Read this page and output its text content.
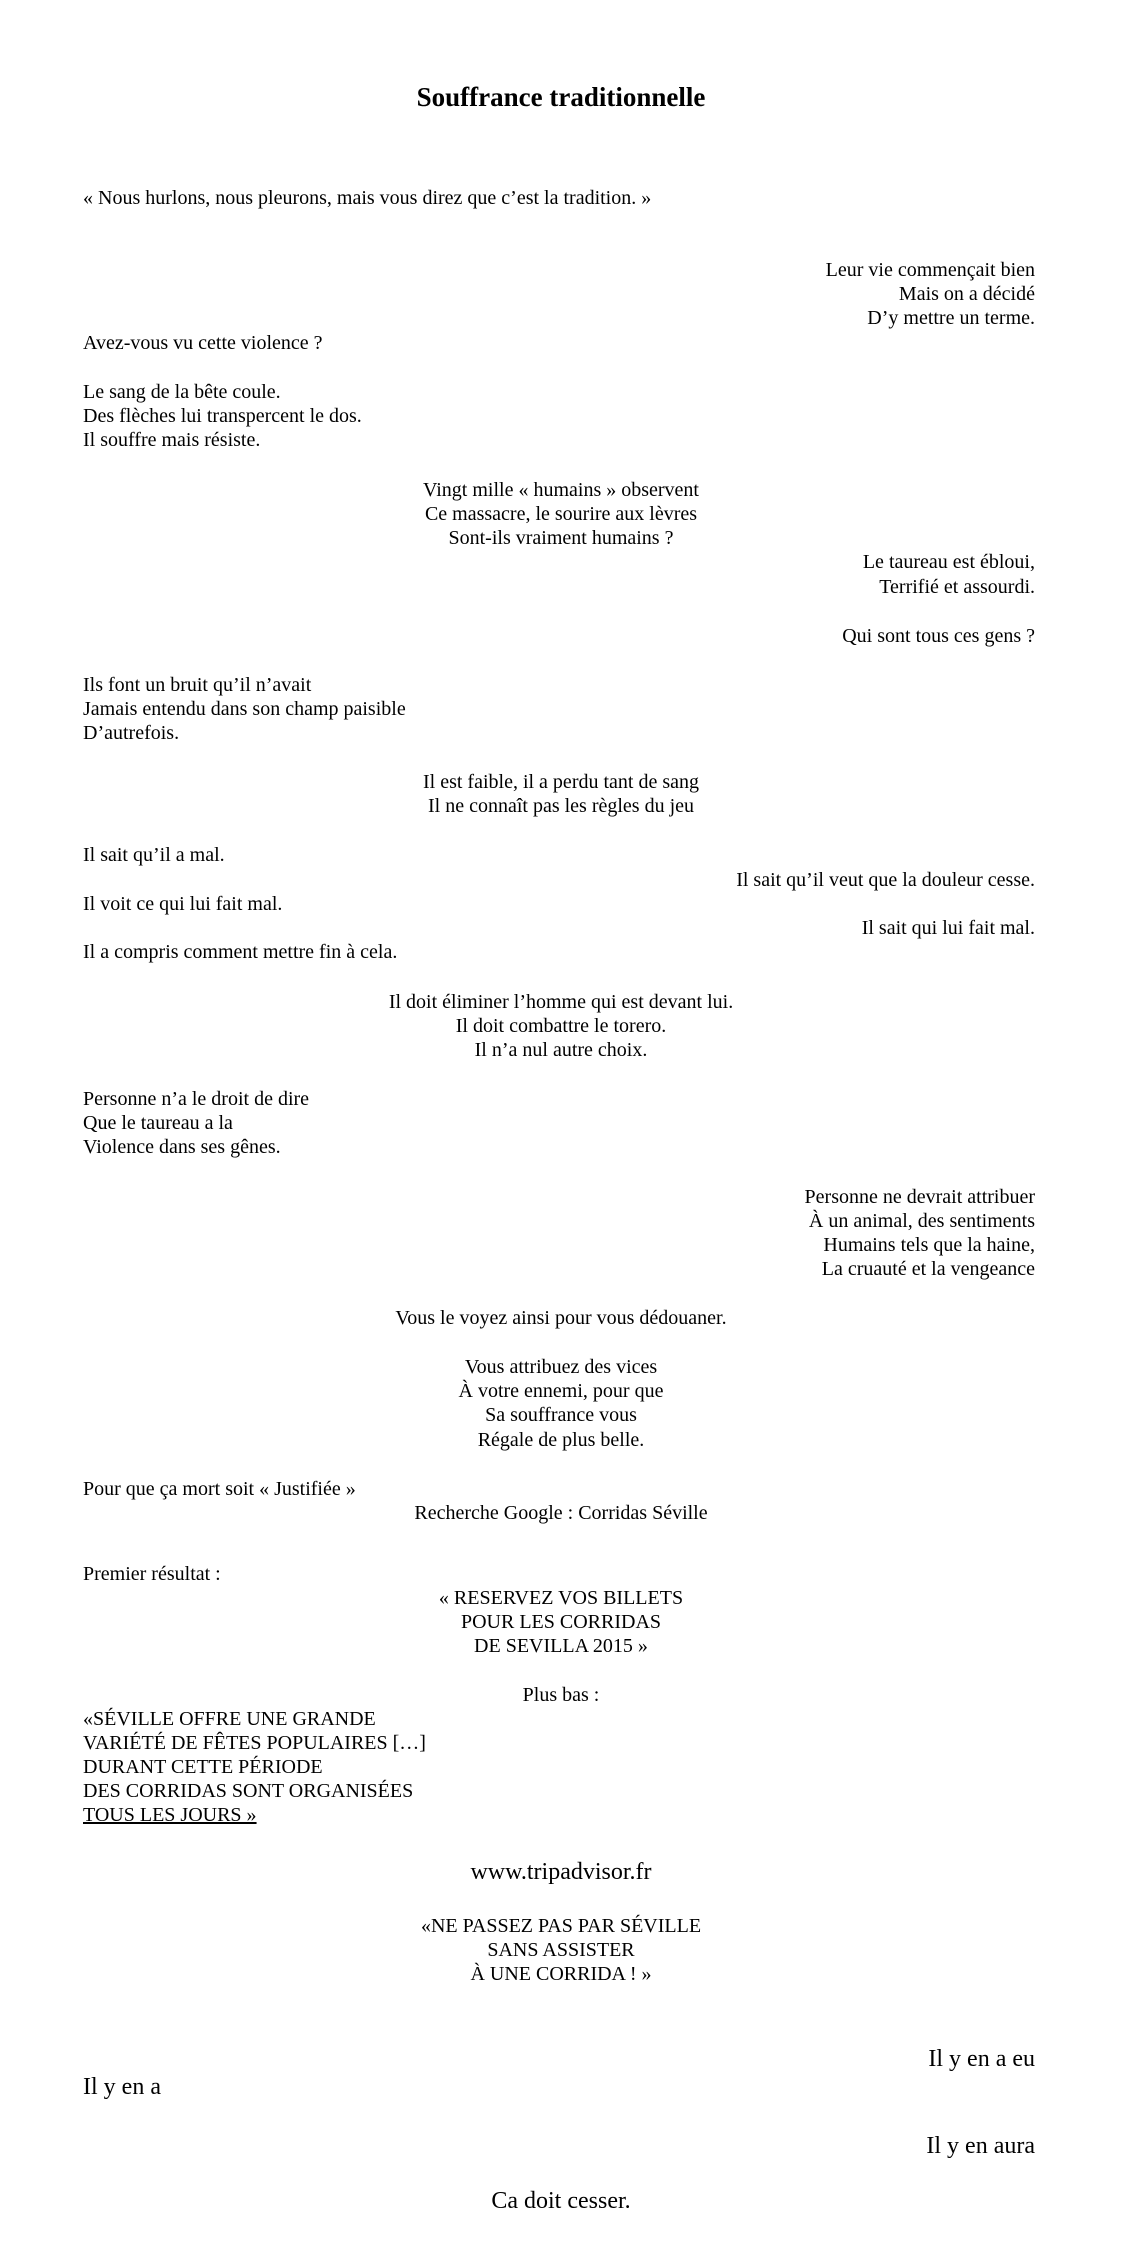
Souffrance traditionnelle
« Nous hurlons, nous pleurons, mais vous direz que c’est la tradition. »
Leur vie commençait bien
Mais on a décidé
D’y mettre un terme.
Avez-vous vu cette violence ?
Le sang de la bête coule.
Des flèches lui transpercent le dos.
Il souffre mais résiste.
Vingt mille « humains » observent
Ce massacre, le sourire aux lèvres
Sont-ils vraiment humains ?
Le taureau est ébloui,
Terrifié et assourdi.
Qui sont tous ces gens ?
Ils font un bruit qu’il n’avait
Jamais entendu dans son champ paisible
D’autrefois.
Il est faible, il a perdu tant de sang
Il ne connaît pas les règles du jeu
Il sait qu’il a mal.
Il sait qu’il veut que la douleur cesse.
Il voit ce qui lui fait mal.
Il sait qui lui fait mal.
Il a compris comment mettre fin à cela.
Il doit éliminer l’homme qui est devant lui.
Il doit combattre le torero.
Il n’a nul autre choix.
Personne n’a le droit de dire
Que le taureau a la
Violence dans ses gênes.
Personne ne devrait attribuer
À un animal, des sentiments
Humains tels que la haine,
La cruauté et la vengeance
Vous le voyez ainsi pour vous dédouaner.
Vous attribuez des vices
À votre ennemi, pour que
Sa souffrance vous
Régale de plus belle.
Pour que ça mort soit « Justifiée »
Recherche Google : Corridas Séville
Premier résultat :
« RESERVEZ VOS BILLETS
POUR LES CORRIDAS
DE SEVILLA 2015 »
Plus bas :
«SÉVILLE OFFRE UNE GRANDE
VARIÉTÉ DE FÊTES POPULAIRES […]
DURANT CETTE PÉRIODE
DES CORRIDAS SONT ORGANISÉES
TOUS LES JOURS »
www.tripadvisor.fr
«NE PASSEZ PAS PAR SÉVILLE
SANS ASSISTER
À UNE CORRIDA ! »
Il y en a eu
Il y en a
Il y en aura
Ca doit cesser.
